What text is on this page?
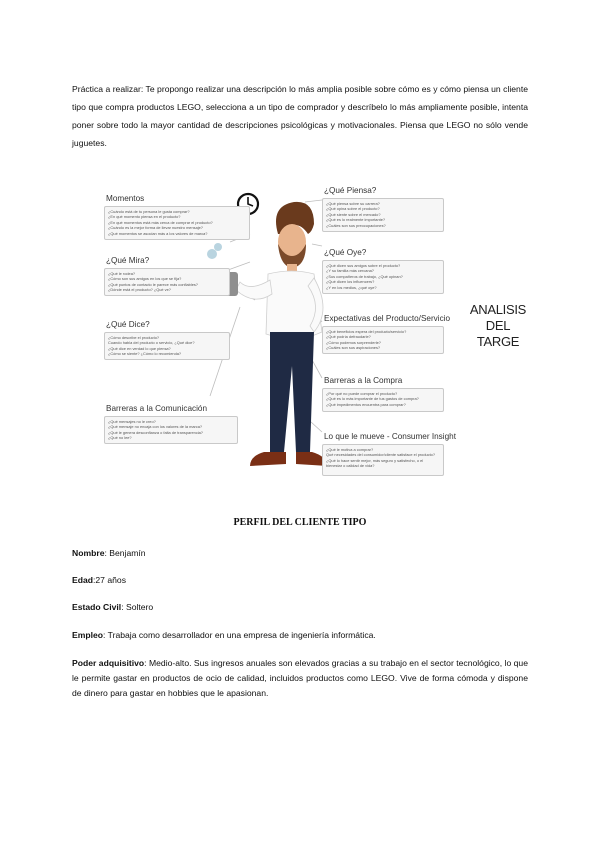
Práctica a realizar: Te propongo realizar una descripción lo más amplia posible sobre cómo es y cómo piensa un cliente tipo que compra productos LEGO, selecciona a un tipo de comprador y descríbelo lo más ampliamente posible, intenta poner sobre todo la mayor cantidad de descripciones psicológicas y motivacionales. Piensa que LEGO no sólo vende juguetes.

Momentos
¿Cuándo está de tu persona le gusta comprar?
¿En qué momento piensa en el producto?
¿En qué momentos está más cerca de comprar el producto?
¿Cuándo es la mejor forma de llevar nuestro mensaje?
¿Qué momentos se asocian más a los valores de marca?
¿Qué Mira?
¿Qué le rodea?
¿Cómo son sus amigos en los que se fija?
¿Qué puntos de contacto le parece más confiables?
¿Dónde está el producto? ¿Qué ve?
¿Qué Dice?
¿Cómo describe el producto?
Cuando habla del producto o servicio, ¿Qué dice?
¿Qué dice en verdad lo que piensa?
¿Cómo se siente? ¿Cómo lo recomienda?
Barreras a la Comunicación
¿Qué mensajes no le creo?
¿Qué mensaje no encaja con los valores de la marca?
¿Qué le genera desconfianza o falta de transparencia?
¿Qué no lee?
¿Qué Piensa?
¿Qué piensa sobre su carrera?
¿Qué opina sobre el producto?
¿Qué siente sobre el mercado?
¿Qué es lo realmente importante?
¿Cuáles son sus preocupaciones?
¿Qué Oye?
¿Qué dicen sus amigos sobre el producto?
¿Y su familia más cercana?
¿Sus compañeros de trabajo, ¿Qué opinan?
¿Qué dicen los influencers?
¿Y en los medios, ¿qué oye?
Expectativas del Producto/Servicio
¿Qué beneficios espera del producto/servicio?
¿Qué podría defraudarle?
¿Cómo podemos sorprenderle?
¿Cuáles son sus aspiraciones?
Barreras a la Compra
¿Por qué no puede comprar el producto?
¿Qué es lo más importante de tus gastos de compra?
¿Qué impedimentos encuentra para comprar?
Lo que le mueve - Consumer Insight
¿Qué le motiva a comprar?
Qué necesidades del consumidor/cliente satisface el producto?
¿Qué lo hace sentir mejor, más seguro y satisfecho, o el
bienestar o calidad de vida?
ANALISIS
DEL TARGE
PERFIL DEL CLIENTE TIPO

Nombre: Benjamín

Edad:27 años

Estado Civil: Soltero

Empleo: Trabaja como desarrollador en una empresa de ingeniería informática.

Poder adquisitivo: Medio-alto. Sus ingresos anuales son elevados gracias a su trabajo en el sector tecnológico, lo que le permite gastar en productos de ocio de calidad, incluidos productos como LEGO. Vive de forma cómoda y dispone de dinero para gastar en hobbies que le apasionan.
